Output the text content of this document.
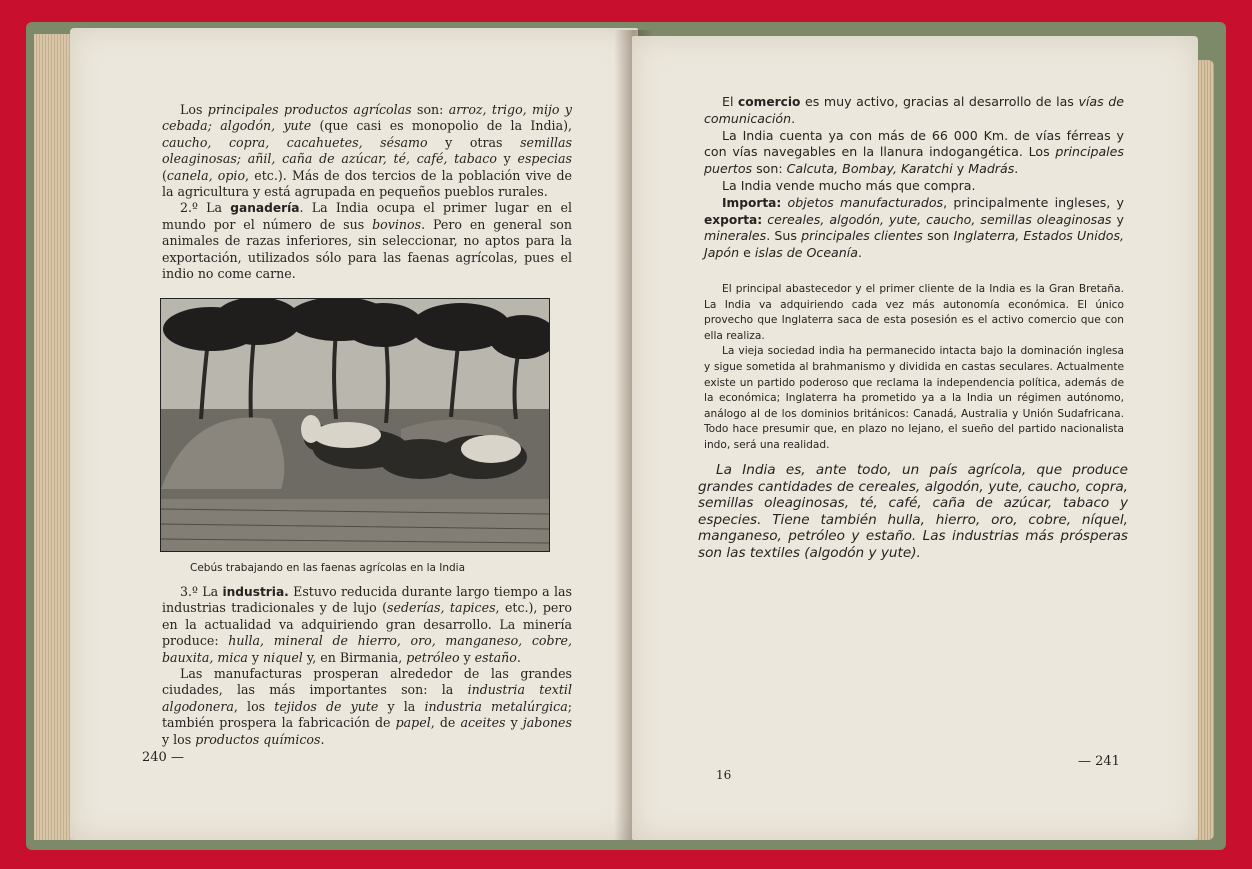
Los principales productos agrícolas son: arroz, trigo, mijo y cebada; algodón, yute (que casi es monopolio de la India), caucho, copra, cacahuetes, sésamo y otras semillas oleaginosas; añil, caña de azúcar, té, café, tabaco y especias (canela, opio, etc.). Más de dos tercios de la población vive de la agricultura y está agrupada en pequeños pueblos rurales.

2.º La ganadería. La India ocupa el primer lugar en el mundo por el número de sus bovinos. Pero en general son animales de razas inferiores, sin seleccionar, no aptos para la exportación, utilizados sólo para las faenas agrícolas, pues el indio no come carne.

Cebús trabajando en las faenas agrícolas en la India

3.º La industria. Estuvo reducida durante largo tiempo a las industrias tradicionales y de lujo (sederías, tapices, etc.), pero en la actualidad va adquiriendo gran desarrollo. La minería produce: hulla, mineral de hierro, oro, manganeso, cobre, bauxita, mica y niquel y, en Birmania, petróleo y estaño.

Las manufacturas prosperan alrededor de las grandes ciudades, las más importantes son: la industria textil algodonera, los tejidos de yute y la industria metalúrgica; también prospera la fabricación de papel, de aceites y jabones y los productos químicos.

240 —

El comercio es muy activo, gracias al desarrollo de las vías de comunicación.

La India cuenta ya con más de 66 000 Km. de vías férreas y con vías navegables en la llanura indogangética. Los principales puertos son: Calcuta, Bombay, Karatchi y Madrás.

La India vende mucho más que compra.

Importa: objetos manufacturados, principalmente ingleses, y exporta: cereales, algodón, yute, caucho, semillas oleaginosas y minerales. Sus principales clientes son Inglaterra, Estados Unidos, Japón e islas de Oceanía.

El principal abastecedor y el primer cliente de la India es la Gran Bretaña. La India va adquiriendo cada vez más autonomía económica. El único provecho que Inglaterra saca de esta posesión es el activo comercio que con ella realiza.

La vieja sociedad india ha permanecido intacta bajo la dominación inglesa y sigue sometida al brahmanismo y dividida en castas seculares. Actualmente existe un partido poderoso que reclama la independencia política, además de la económica; Inglaterra ha prometido ya a la India un régimen autónomo, análogo al de los dominios británicos: Canadá, Australia y Unión Sudafricana. Todo hace presumir que, en plazo no lejano, el sueño del partido nacionalista indo, será una realidad.

La India es, ante todo, un país agrícola, que produce grandes cantidades de cereales, algodón, yute, caucho, copra, semillas oleaginosas, té, café, caña de azúcar, tabaco y especies. Tiene también hulla, hierro, oro, cobre, níquel, manganeso, petróleo y estaño. Las industrias más prósperas son las textiles (algodón y yute).

16
— 241
